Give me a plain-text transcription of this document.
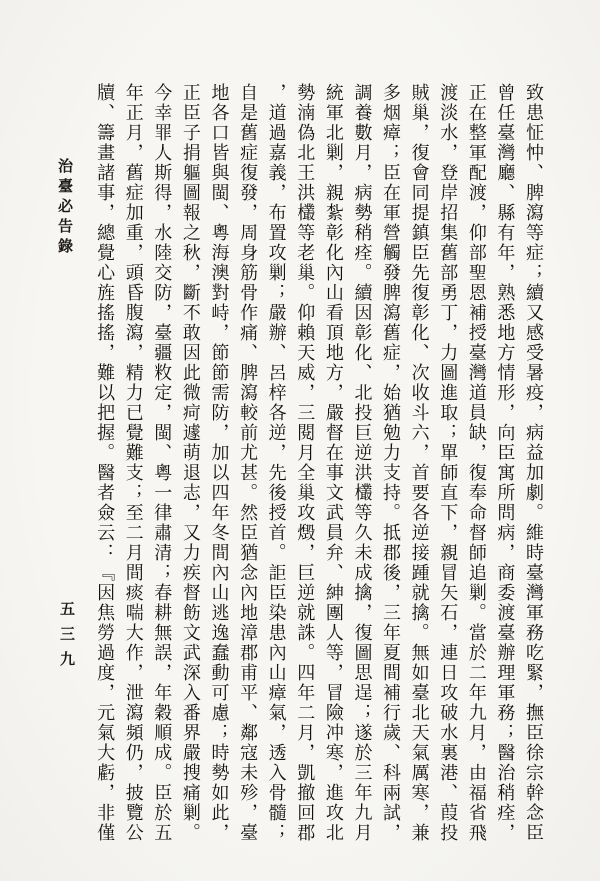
致患怔忡、脾瀉等症；續又感受暑疫，病益加劇。維時臺灣軍務吃緊，撫臣徐宗幹念臣
曾任臺灣廳、縣有年，熟悉地方情形，向臣寓所問病，商委渡臺辦理軍務；醫治稍痊，
正在整軍配渡，仰部聖恩補授臺灣道員缺，復奉命督師追剿。當於二年九月，由福省飛
渡淡水，登岸招集舊部勇丁，力圖進取；單師直下，親冒矢石，連日攻破水裏港、葭投
賊巢，復會同提鎮臣先復彰化、次收斗六，首要各逆接踵就擒。無如臺北天氣厲寒，兼
多烟瘴；臣在軍營觸發脾瀉舊症，始猶勉力支持。抵郡後，三年夏間補行歲、科兩試，
調養數月，病勢稍痊。續因彰化、北投巨逆洪欉等久未成擒，復圖思逞；遂於三年九月
統軍北剿，親紮彰化內山看頂地方，嚴督在事文武員弁、紳團人等，冒險冲寒，進攻北
勢湳偽北王洪欉等老巢。仰賴天威，三閱月全巢攻燬，巨逆就誅。四年二月，凱撤回郡
，道過嘉義，布置攻剿；嚴辦、呂梓各逆，先後授首。詎臣染患內山瘴氣，透入骨髓；
自是舊症復發，周身筋骨作痛、脾瀉較前尤甚。然臣猶念內地漳郡甫平、鄰寇未殄，臺
地各口皆與閩、粵海澳對峙，節節需防，加以四年冬間內山逃逸蠢動可慮；時勢如此，
正臣子捐軀圖報之秋，斷不敢因此微疴遽萌退志，又力疾督飭文武深入番界嚴搜痛剿。
今幸罪人斯得，水陸交防，臺疆敉定，閩、粵一律肅清；春耕無誤，年穀順成。臣於五
年正月，舊症加重，頭昏腹瀉，精力已覺難支；至二月間痰喘大作，泄瀉頻仍，披覽公
牘、籌畫諸事，總覺心旌搖搖，難以把握。醫者僉云：『因焦勞過度，元氣大虧，非僅
治臺必告錄
五三九
